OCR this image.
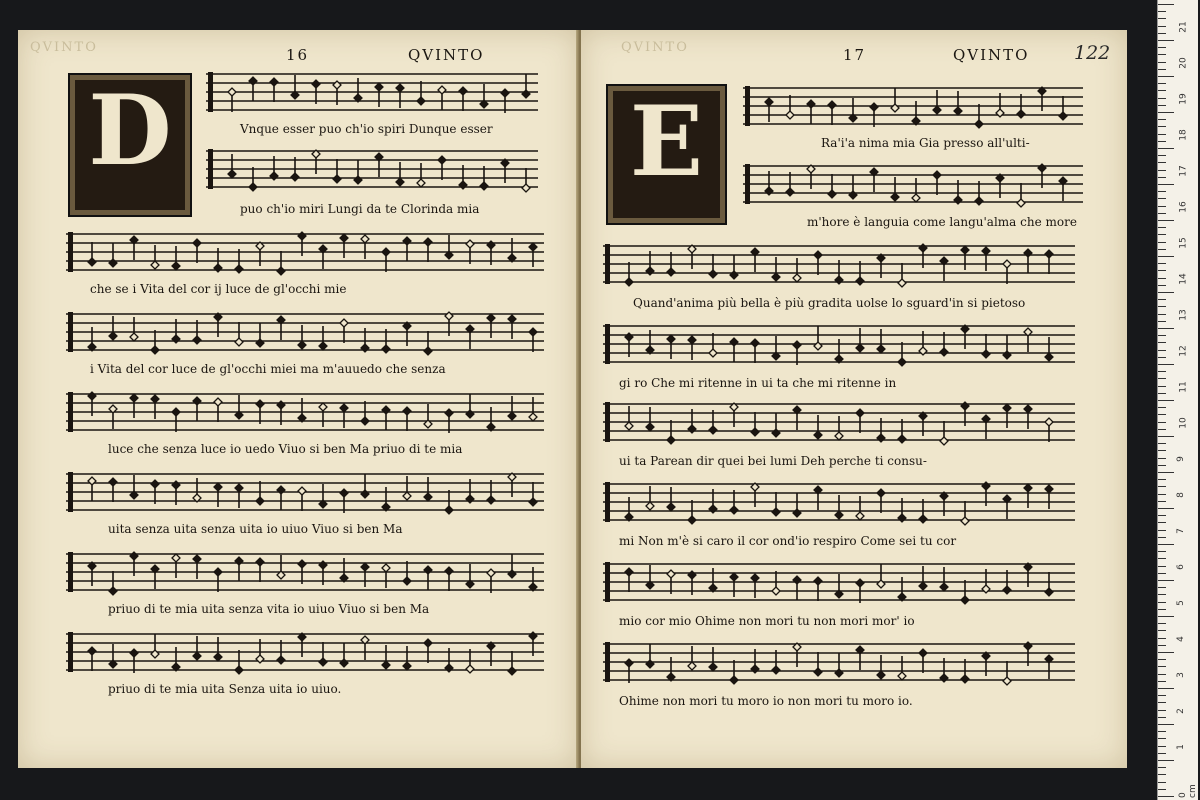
QVINTO	16	QVINTO
D	Vnque esser puo ch'io spiri Dunque esser
puo ch'io miri Lungi da te Clorinda mia
che se i Vita del cor ij luce de gl'occhi mie
i Vita del cor luce de gl'occhi miei ma m'auuedo che senza
luce che senza luce io uedo Viuo si ben Ma priuo di te mia
uita senza uita senza uita io uiuo Viuo si ben Ma
priuo di te mia uita senza vita io uiuo Viuo si ben Ma
priuo di te mia uita Senza uita io uiuo.
QVINTO	17	QVINTO 122
E	Ra'i'a nima mia Gia presso all'ulti-
m'hore è languia come langu'alma che more
Quand'anima più bella è più gradita uolse lo sguard'in si pietoso
gi ro Che mi ritenne in ui ta che mi ritenne in
ui ta Parean dir quei bei lumi Deh perche ti consu-
mi Non m'è si caro il cor ond'io respiro Come sei tu cor
mio cor mio Ohime non mori tu non mori mor' io
Ohime non mori tu moro io non mori tu moro io.
21
20
19
18
17
16
15
14
13
12
11
10
9
8
7
6
5
4
3
2
1
0 cm
